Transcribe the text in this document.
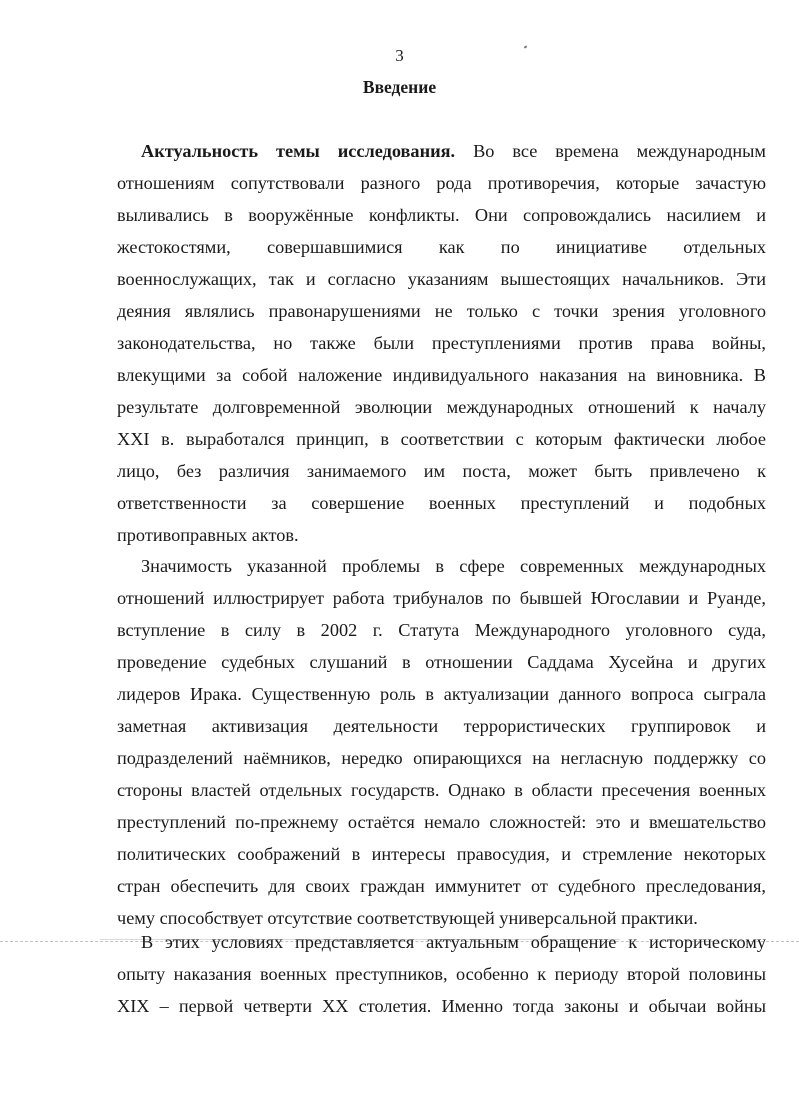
3
Введение
Актуальность темы исследования. Во все времена международным
отношениям сопутствовали разного рода противоречия, которые зачастую
выливались в вооружённые конфликты. Они сопровождались насилием и
жестокостями, совершавшимися как по инициативе отдельных
военнослужащих, так и согласно указаниям вышестоящих начальников. Эти
деяния являлись правонарушениями не только с точки зрения уголовного
законодательства, но также были преступлениями против права войны,
влекущими за собой наложение индивидуального наказания на виновника. В
результате долговременной эволюции международных отношений к началу
XXI в. выработался принцип, в соответствии с которым фактически любое
лицо, без различия занимаемого им поста, может быть привлечено к
ответственности за совершение военных преступлений и подобных
противоправных актов.
Значимость указанной проблемы в сфере современных международных
отношений иллюстрирует работа трибуналов по бывшей Югославии и Руанде,
вступление в силу в 2002 г. Статута Международного уголовного суда,
проведение судебных слушаний в отношении Саддама Хусейна и других
лидеров Ирака. Существенную роль в актуализации данного вопроса сыграла
заметная активизация деятельности террористических группировок и
подразделений наёмников, нередко опирающихся на негласную поддержку со
стороны властей отдельных государств. Однако в области пресечения военных
преступлений по-прежнему остаётся немало сложностей: это и вмешательство
политических соображений в интересы правосудия, и стремление некоторых
стран обеспечить для своих граждан иммунитет от судебного преследования,
чему способствует отсутствие соответствующей универсальной практики.
В этих условиях представляется актуальным обращение к историческому
опыту наказания военных преступников, особенно к периоду второй половины
XIX – первой четверти XX столетия. Именно тогда законы и обычаи войны
